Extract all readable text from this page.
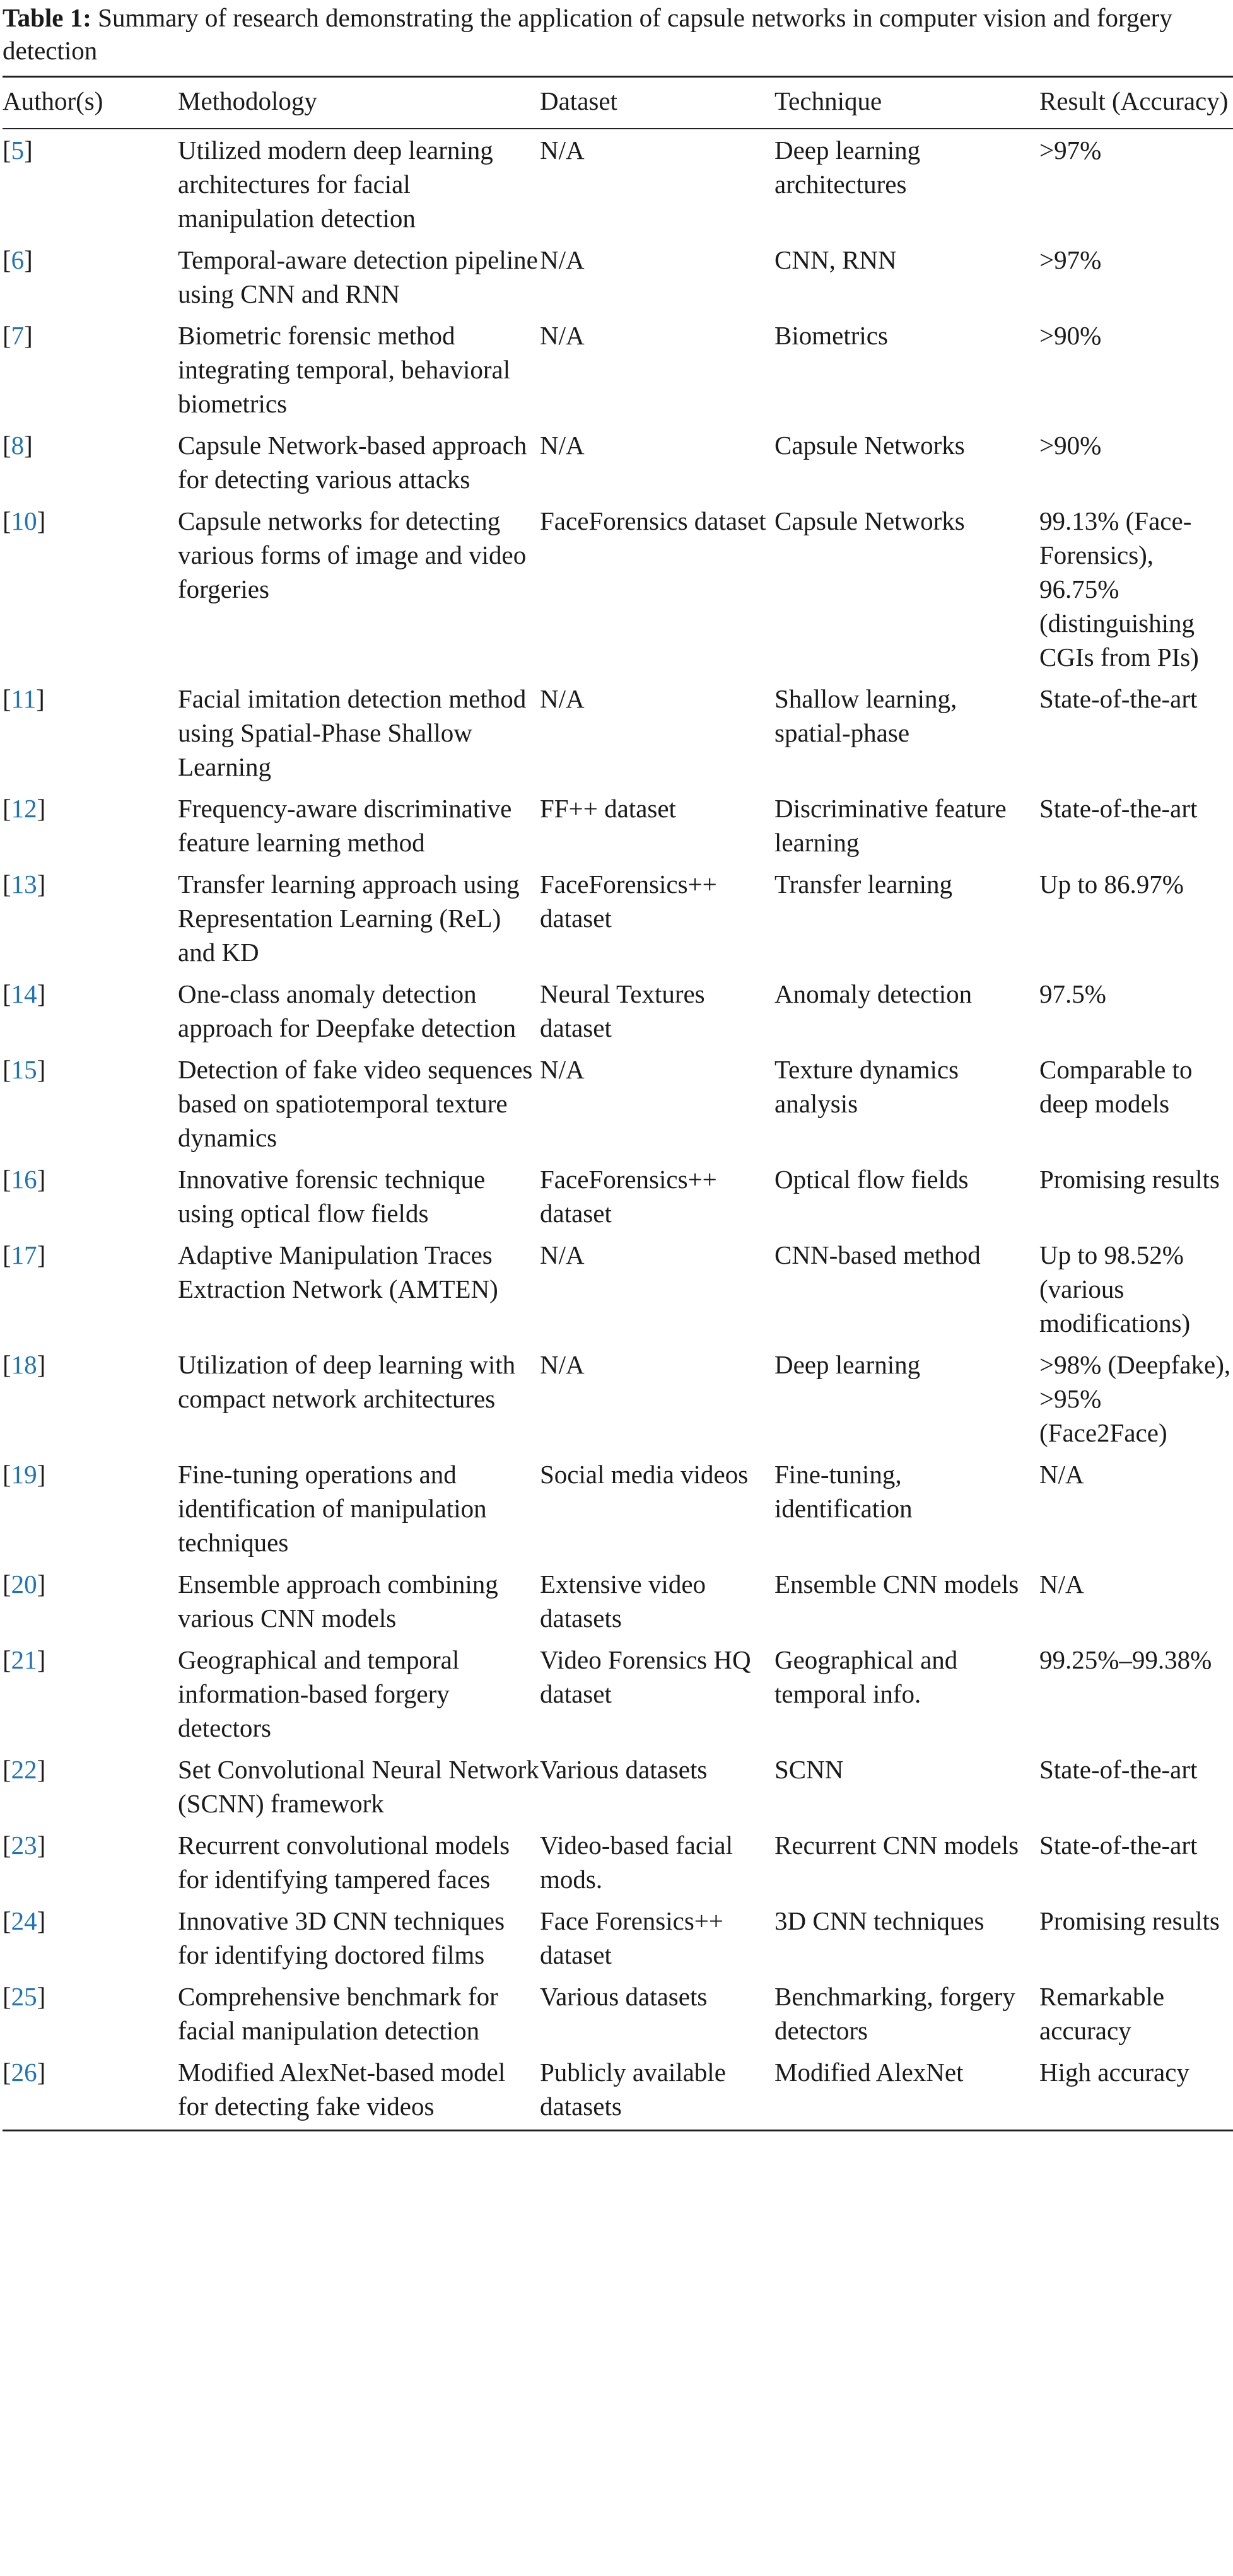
Table 1: Summary of research demonstrating the application of capsule networks in computer vision and forgery detection
Author(s)	Methodology	Dataset	Technique	Result (Accuracy)
[5]	Utilized modern deep learning architectures for facial manipulation detection	N/A	Deep learning architectures	>97%
[6]	Temporal-aware detection pipeline using CNN and RNN	N/A	CNN, RNN	>97%
[7]	Biometric forensic method integrating temporal, behavioral biometrics	N/A	Biometrics	>90%
[8]	Capsule Network-based approach for detecting various attacks	N/A	Capsule Networks	>90%
[10]	Capsule networks for detecting various forms of image and video forgeries	FaceForensics dataset	Capsule Networks	99.13% (Face-Forensics), 96.75% (distinguishing CGIs from PIs)
[11]	Facial imitation detection method using Spatial-Phase Shallow Learning	N/A	Shallow learning, spatial-phase	State-of-the-art
[12]	Frequency-aware discriminative feature learning method	FF++ dataset	Discriminative feature learning	State-of-the-art
[13]	Transfer learning approach using Representation Learning (ReL) and KD	FaceForensics++ dataset	Transfer learning	Up to 86.97%
[14]	One-class anomaly detection approach for Deepfake detection	Neural Textures dataset	Anomaly detection	97.5%
[15]	Detection of fake video sequences based on spatiotemporal texture dynamics	N/A	Texture dynamics analysis	Comparable to deep models
[16]	Innovative forensic technique using optical flow fields	FaceForensics++ dataset	Optical flow fields	Promising results
[17]	Adaptive Manipulation Traces Extraction Network (AMTEN)	N/A	CNN-based method	Up to 98.52% (various modifications)
[18]	Utilization of deep learning with compact network architectures	N/A	Deep learning	>98% (Deepfake), >95% (Face2Face)
[19]	Fine-tuning operations and identification of manipulation techniques	Social media videos	Fine-tuning, identification	N/A
[20]	Ensemble approach combining various CNN models	Extensive video datasets	Ensemble CNN models	N/A
[21]	Geographical and temporal information-based forgery detectors	Video Forensics HQ dataset	Geographical and temporal info.	99.25%–99.38%
[22]	Set Convolutional Neural Network (SCNN) framework	Various datasets	SCNN	State-of-the-art
[23]	Recurrent convolutional models for identifying tampered faces	Video-based facial mods.	Recurrent CNN models	State-of-the-art
[24]	Innovative 3D CNN techniques for identifying doctored films	Face Forensics++ dataset	3D CNN techniques	Promising results
[25]	Comprehensive benchmark for facial manipulation detection	Various datasets	Benchmarking, forgery detectors	Remarkable accuracy
[26]	Modified AlexNet-based model for detecting fake videos	Publicly available datasets	Modified AlexNet	High accuracy
